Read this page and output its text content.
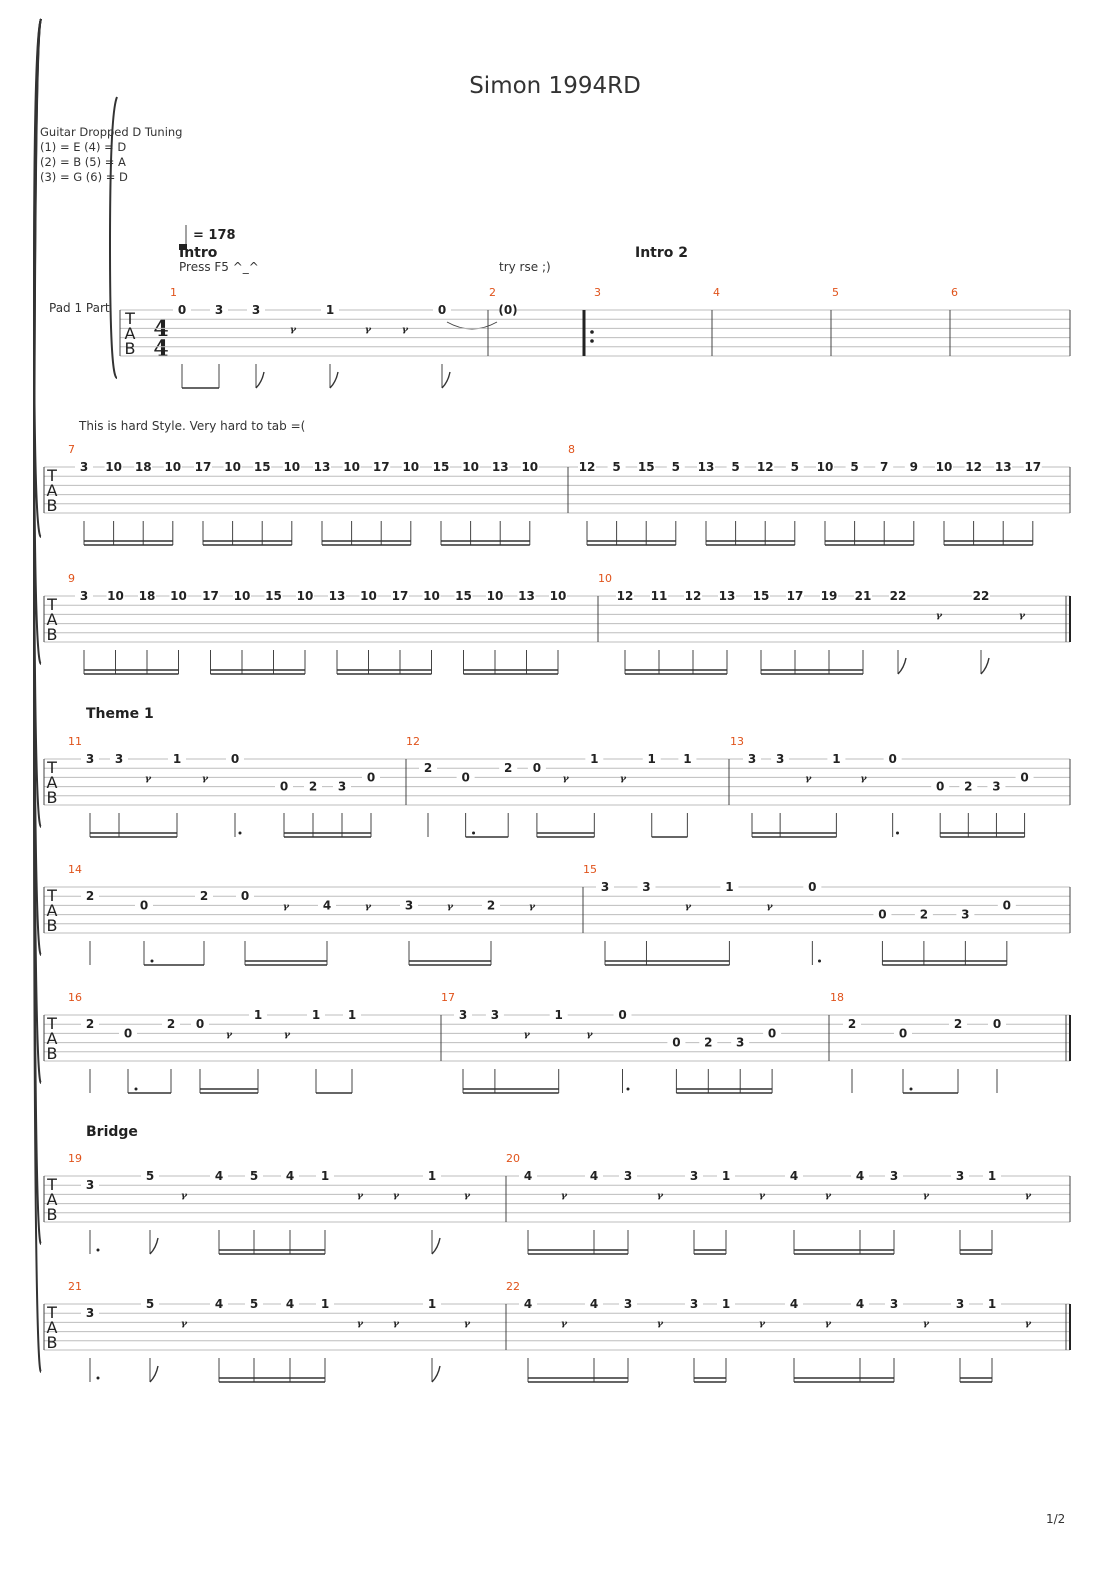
Simon 1994RD
Guitar Dropped D Tuning
(1) = E (4) = D
(2) = B (5) = A
(3) = G (6) = D
= 178
Intro	Intro 2
Press F5 ^_^	try rse ;)
Pad 1 Part
This is hard Style. Very hard to tab =(
Theme 1
Bridge
4
4
T
A
B
1	2	3	4	5	6
T
A
B
7	8
T
A
B
9	10
T
A
B
11	12	13
T
A
B
14	15
T
A
B
16	17	18
T
A
B
19	20
T
A
B
21	22
0 3 3
ᵞ
1
ᵞ ᵞ
0	(0)
3 10 18 10 17 10 15 10 13 10 17 10 15 10 13 10	12 5 15 5 13 5 12 5 10 5 7 9 10 12 13 17
3 10 18 10 17 10 15 10 13 10 17 10 15 10 13 10	12 11 12 13 15 17 19 21 22
ᵞ
22
ᵞ
3 3
ᵞ
1
ᵞ
0
0 2 3
0
2
0
2 0
ᵞ
1
ᵞ
1 1	3 3
ᵞ
1
ᵞ
0
0 2 3
0
2
0
2	0
ᵞ	4 ᵞ	3 ᵞ	2 ᵞ
3	3
ᵞ
1
ᵞ
0
0	2	3
0
2
0
2 0
ᵞ
1
ᵞ
1 1	3 3
ᵞ
1
ᵞ
0
0 2 3
0
2
0
2	0
3
5
ᵞ
4 5 4 1
ᵞ ᵞ
1
ᵞ
4
ᵞ
4 3
ᵞ
3 1
ᵞ
4
ᵞ
4 3
ᵞ
3 1
ᵞ
3
5
ᵞ
4 5 4 1
ᵞ ᵞ
1
ᵞ
4
ᵞ
4 3
ᵞ
3 1
ᵞ
4
ᵞ
4 3
ᵞ
3 1
ᵞ
1/2
